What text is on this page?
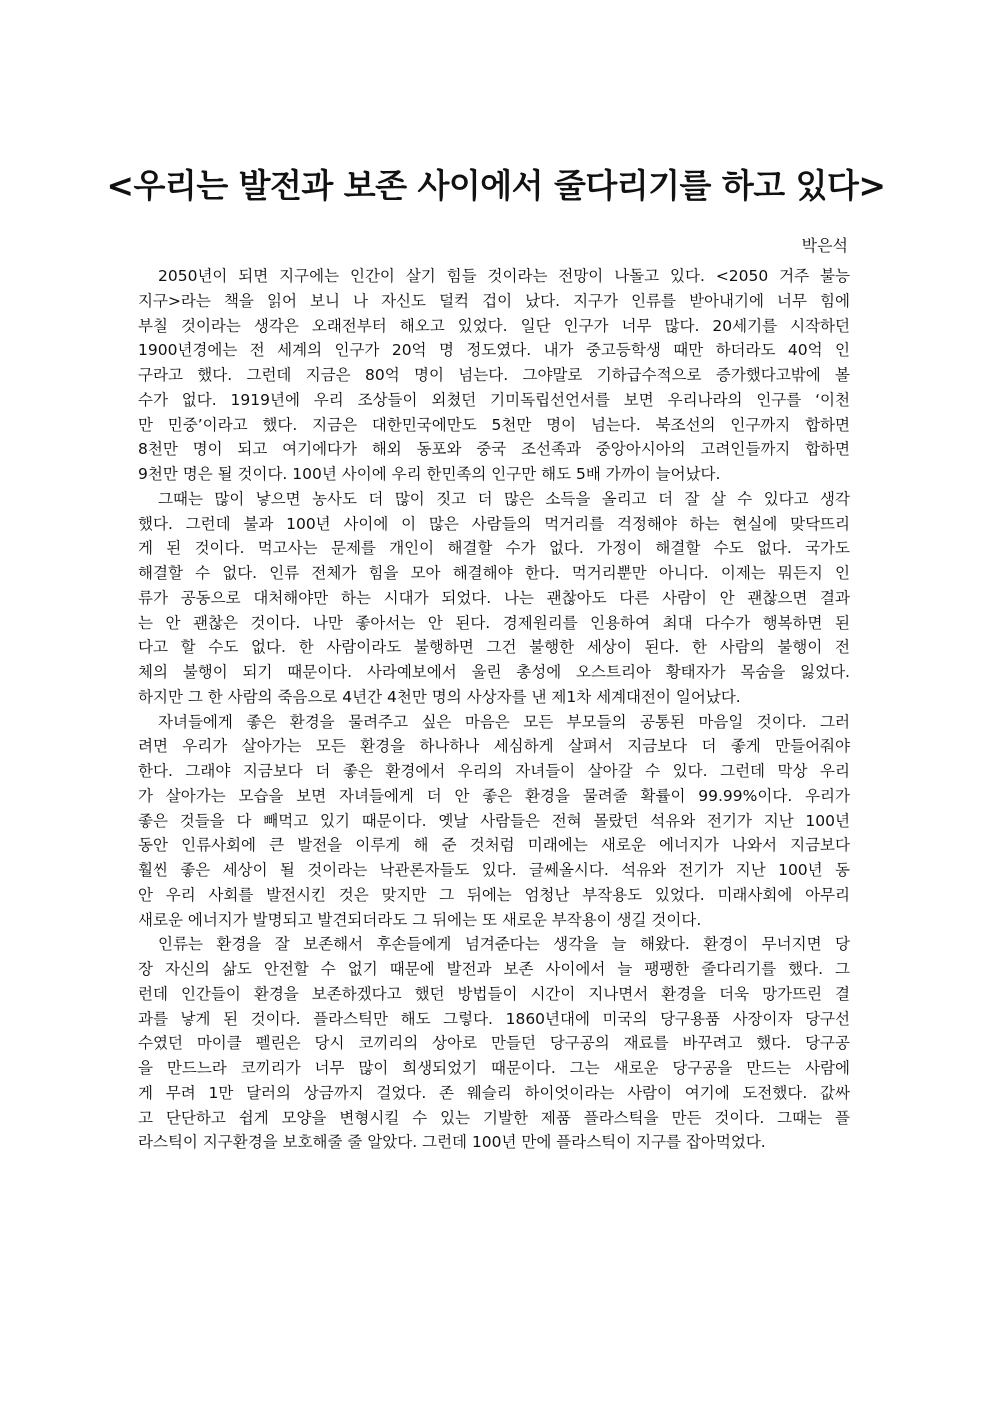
<우리는 발전과 보존 사이에서 줄다리기를 하고 있다>
박은석
2050년이 되면 지구에는 인간이 살기 힘들 것이라는 전망이 나돌고 있다. <2050 거주 불능
지구>라는 책을 읽어 보니 나 자신도 덜컥 겁이 났다. 지구가 인류를 받아내기에 너무 힘에
부칠 것이라는 생각은 오래전부터 해오고 있었다. 일단 인구가 너무 많다. 20세기를 시작하던
1900년경에는 전 세계의 인구가 20억 명 정도였다. 내가 중고등학생 때만 하더라도 40억 인
구라고 했다. 그런데 지금은 80억 명이 넘는다. 그야말로 기하급수적으로 증가했다고밖에 볼
수가 없다. 1919년에 우리 조상들이 외쳤던 기미독립선언서를 보면 우리나라의 인구를 ‘이천
만 민중’이라고 했다. 지금은 대한민국에만도 5천만 명이 넘는다. 북조선의 인구까지 합하면
8천만 명이 되고 여기에다가 해외 동포와 중국 조선족과 중앙아시아의 고려인들까지 합하면
9천만 명은 될 것이다. 100년 사이에 우리 한민족의 인구만 해도 5배 가까이 늘어났다.
그때는 많이 낳으면 농사도 더 많이 짓고 더 많은 소득을 올리고 더 잘 살 수 있다고 생각
했다. 그런데 불과 100년 사이에 이 많은 사람들의 먹거리를 걱정해야 하는 현실에 맞닥뜨리
게 된 것이다. 먹고사는 문제를 개인이 해결할 수가 없다. 가정이 해결할 수도 없다. 국가도
해결할 수 없다. 인류 전체가 힘을 모아 해결해야 한다. 먹거리뿐만 아니다. 이제는 뭐든지 인
류가 공동으로 대처해야만 하는 시대가 되었다. 나는 괜찮아도 다른 사람이 안 괜찮으면 결과
는 안 괜찮은 것이다. 나만 좋아서는 안 된다. 경제원리를 인용하여 최대 다수가 행복하면 된
다고 할 수도 없다. 한 사람이라도 불행하면 그건 불행한 세상이 된다. 한 사람의 불행이 전
체의 불행이 되기 때문이다. 사라예보에서 울린 총성에 오스트리아 황태자가 목숨을 잃었다.
하지만 그 한 사람의 죽음으로 4년간 4천만 명의 사상자를 낸 제1차 세계대전이 일어났다.
자녀들에게 좋은 환경을 물려주고 싶은 마음은 모든 부모들의 공통된 마음일 것이다. 그러
려면 우리가 살아가는 모든 환경을 하나하나 세심하게 살펴서 지금보다 더 좋게 만들어줘야
한다. 그래야 지금보다 더 좋은 환경에서 우리의 자녀들이 살아갈 수 있다. 그런데 막상 우리
가 살아가는 모습을 보면 자녀들에게 더 안 좋은 환경을 물려줄 확률이 99.99%이다. 우리가
좋은 것들을 다 빼먹고 있기 때문이다. 옛날 사람들은 전혀 몰랐던 석유와 전기가 지난 100년
동안 인류사회에 큰 발전을 이루게 해 준 것처럼 미래에는 새로운 에너지가 나와서 지금보다
훨씬 좋은 세상이 될 것이라는 낙관론자들도 있다. 글쎄올시다. 석유와 전기가 지난 100년 동
안 우리 사회를 발전시킨 것은 맞지만 그 뒤에는 엄청난 부작용도 있었다. 미래사회에 아무리
새로운 에너지가 발명되고 발견되더라도 그 뒤에는 또 새로운 부작용이 생길 것이다.
인류는 환경을 잘 보존해서 후손들에게 넘겨준다는 생각을 늘 해왔다. 환경이 무너지면 당
장 자신의 삶도 안전할 수 없기 때문에 발전과 보존 사이에서 늘 팽팽한 줄다리기를 했다. 그
런데 인간들이 환경을 보존하겠다고 했던 방법들이 시간이 지나면서 환경을 더욱 망가뜨린 결
과를 낳게 된 것이다. 플라스틱만 해도 그렇다. 1860년대에 미국의 당구용품 사장이자 당구선
수였던 마이클 펠린은 당시 코끼리의 상아로 만들던 당구공의 재료를 바꾸려고 했다. 당구공
을 만드느라 코끼리가 너무 많이 희생되었기 때문이다. 그는 새로운 당구공을 만드는 사람에
게 무려 1만 달러의 상금까지 걸었다. 존 웨슬리 하이엇이라는 사람이 여기에 도전했다. 값싸
고 단단하고 쉽게 모양을 변형시킬 수 있는 기발한 제품 플라스틱을 만든 것이다. 그때는 플
라스틱이 지구환경을 보호해줄 줄 알았다. 그런데 100년 만에 플라스틱이 지구를 잡아먹었다.
